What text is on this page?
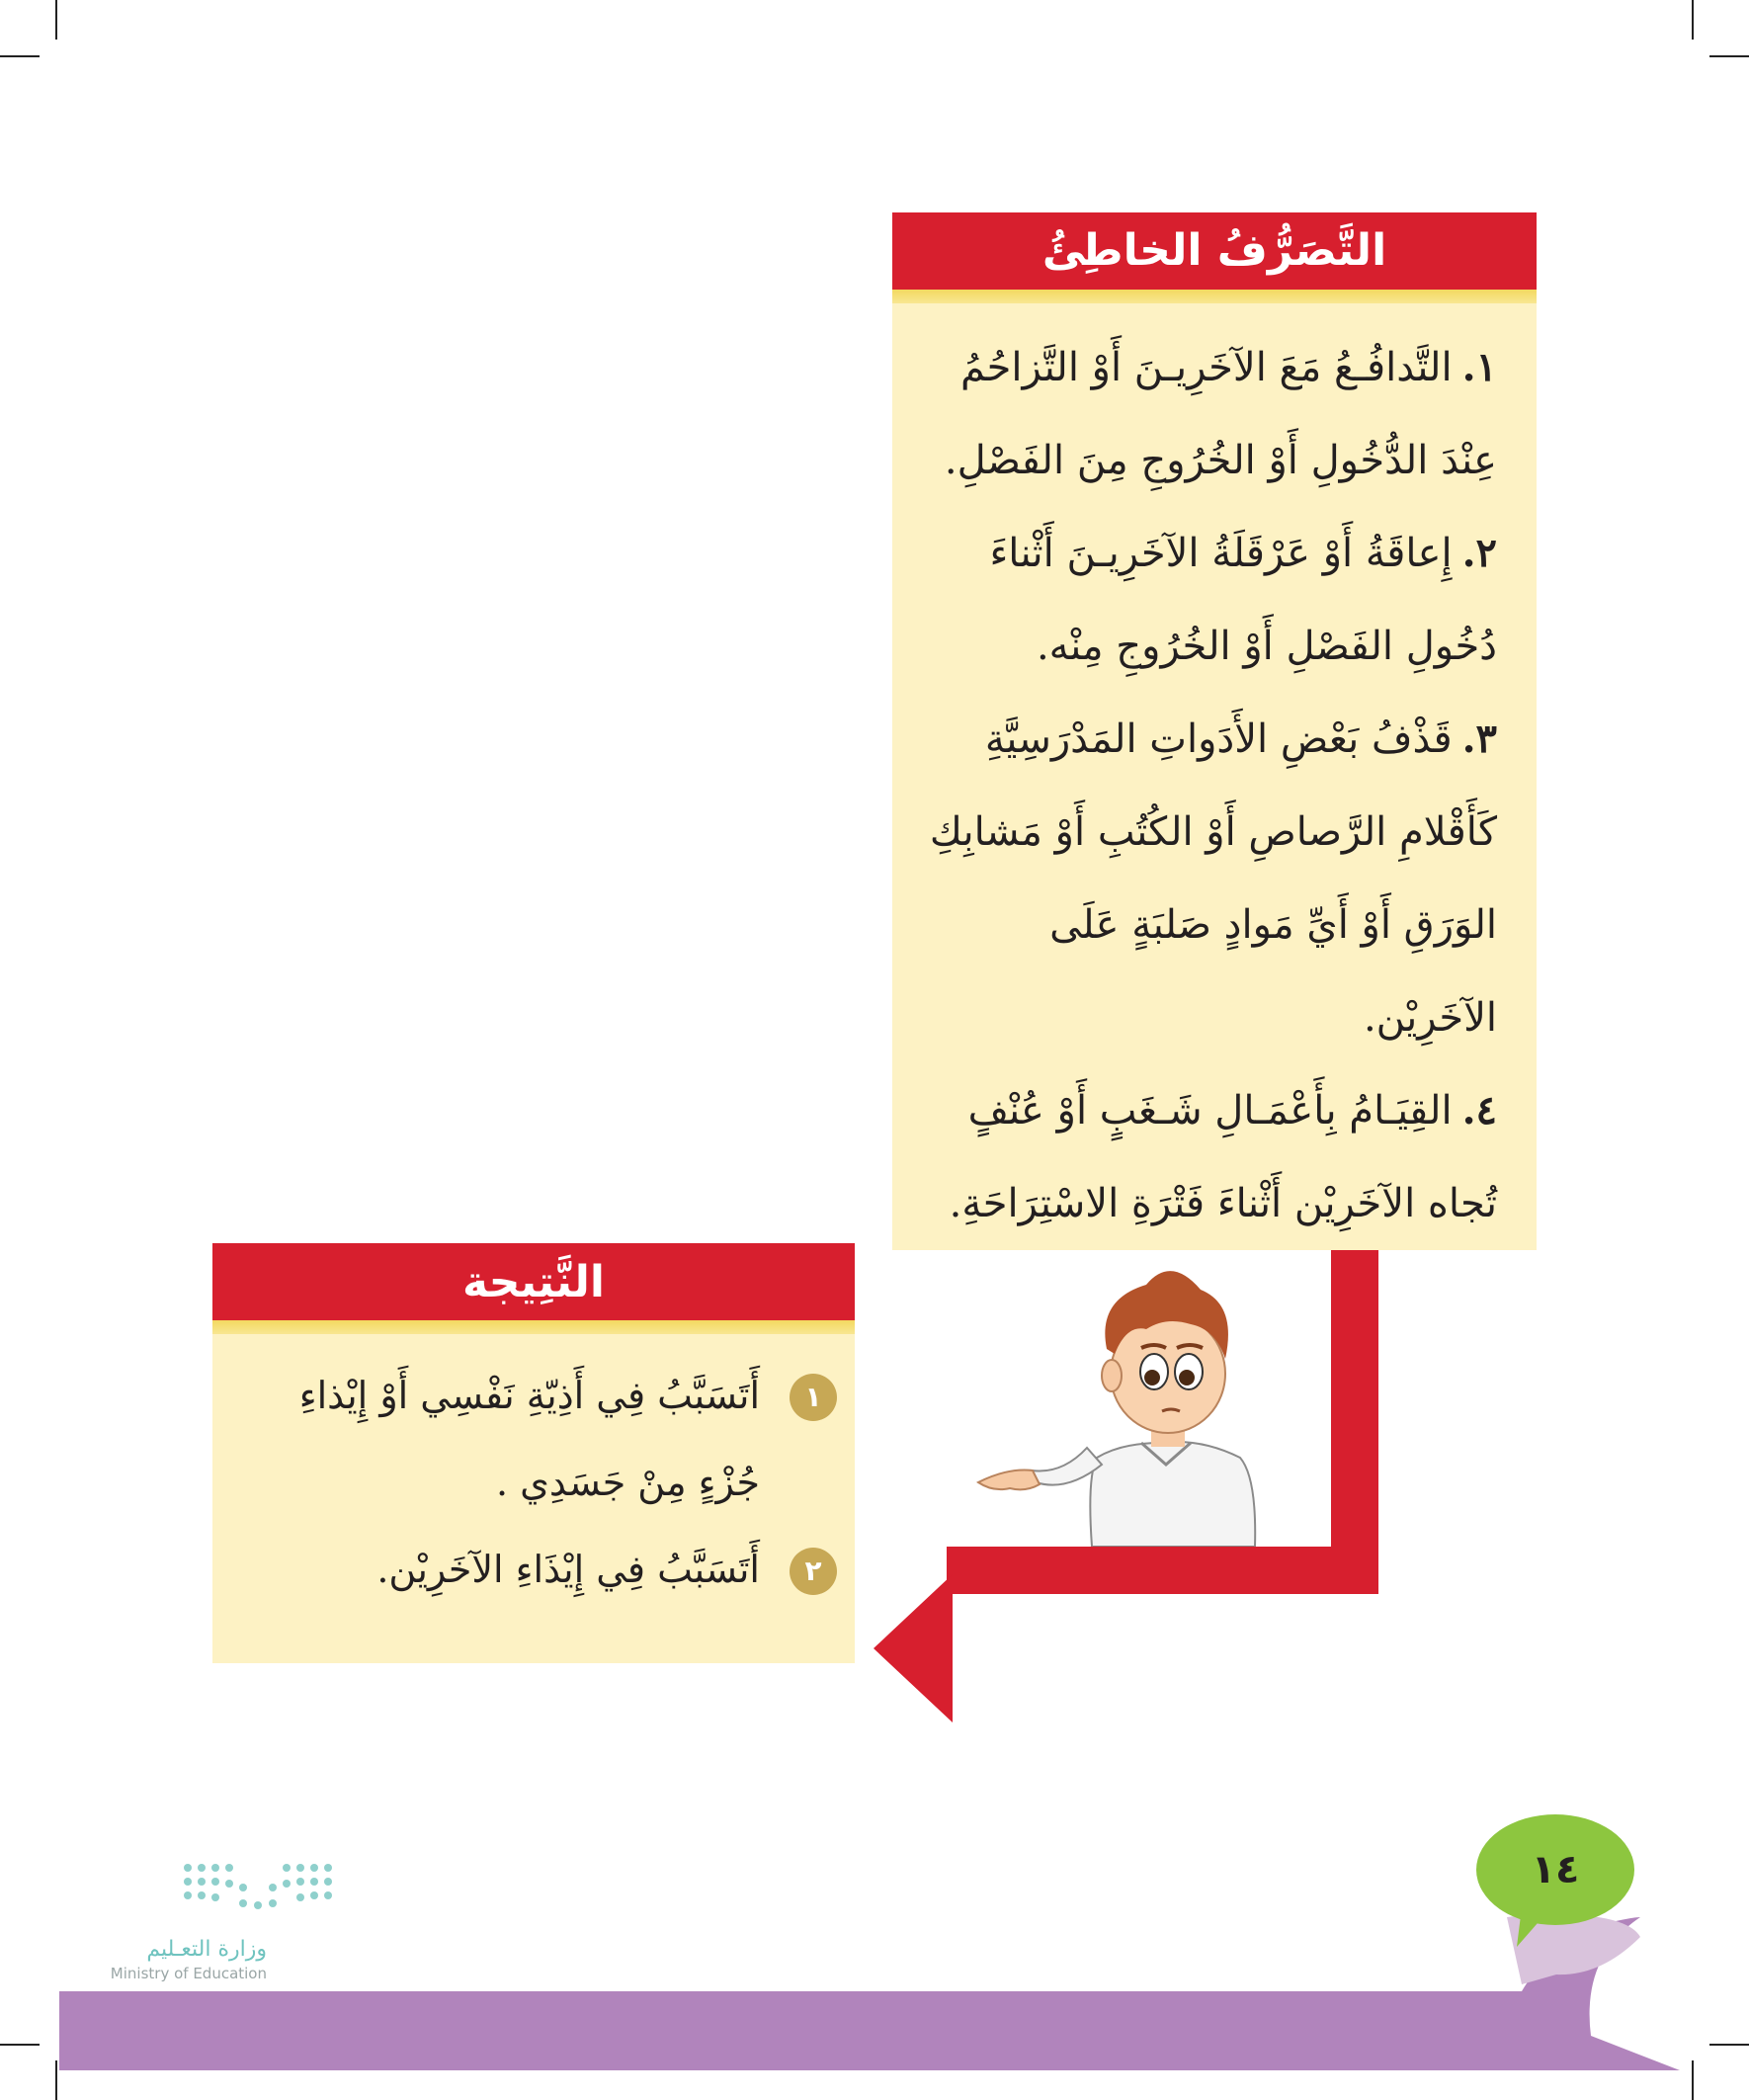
التَّصَرُّفُ الخاطِئُ
١.التَّدافُـعُ مَعَ الآخَرِيـنَ أَوْ التَّزاحُمُ عِنْدَ الدُّخُولِ أَوْ الخُرُوجِ مِنَ الفَصْلِ.
٢.إِعاقَةُ أَوْ عَرْقَلَةُ الآخَرِيـنَ أَثْناءَ دُخُولِ الفَصْلِ أَوْ الخُرُوجِ مِنْه.
٣.قَذْفُ بَعْضِ الأَدَواتِ المَدْرَسِيَّةِ كَأَقْلامِ الرَّصاصِ أَوْ الكُتُبِ أَوْ مَشابِكِ الوَرَقِ أَوْ أَيِّ مَوادٍ صَلبَةٍ عَلَى الآخَرِيْن.
٤.القِيَـامُ بِأَعْمَـالِ شَـغَبٍ أَوْ عُنْفٍ تُجاه الآخَرِيْن أَثْناءَ فَتْرَةِ الاسْتِرَاحَةِ.
النَّتِيجة
١
أَتَسَبَّبُ فِي أَذِيّةِ نَفْسِي أَوْ إِيْذاءِ جُزْءٍ مِنْ جَسَدِي .
٢
أَتَسَبَّبُ فِي إِيْذَاءِ الآخَرِيْن.
١٤
وزارة التعـليم
Ministry of Education
